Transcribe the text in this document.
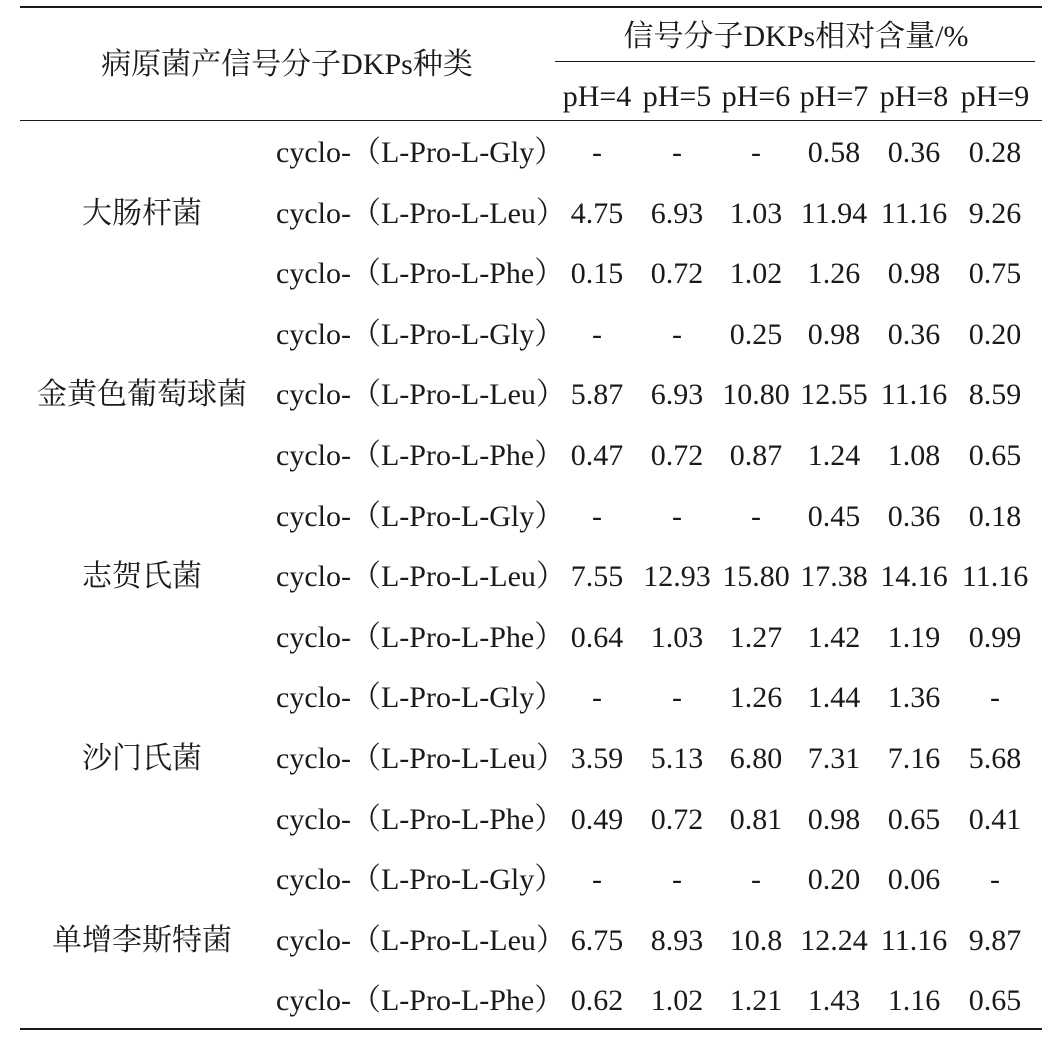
病原菌产信号分子DKPs种类
信号分子DKPs相对含量/%
pH=4 pH=5 pH=6 pH=7 pH=8 pH=9
cyclo-（L-Pro-L-Gly） - - - 0.58 0.36 0.28
cyclo-（L-Pro-L-Leu） 4.75 6.93 1.03 11.94 11.16 9.26
cyclo-（L-Pro-L-Phe） 0.15 0.72 1.02 1.26 0.98 0.75
大肠杆菌
cyclo-（L-Pro-L-Gly） - - 0.25 0.98 0.36 0.20
cyclo-（L-Pro-L-Leu） 5.87 6.93 10.80 12.55 11.16 8.59
cyclo-（L-Pro-L-Phe） 0.47 0.72 0.87 1.24 1.08 0.65
金黄色葡萄球菌
cyclo-（L-Pro-L-Gly） - - - 0.45 0.36 0.18
cyclo-（L-Pro-L-Leu） 7.55 12.93 15.80 17.38 14.16 11.16
cyclo-（L-Pro-L-Phe） 0.64 1.03 1.27 1.42 1.19 0.99
志贺氏菌
cyclo-（L-Pro-L-Gly） - - 1.26 1.44 1.36 -
cyclo-（L-Pro-L-Leu） 3.59 5.13 6.80 7.31 7.16 5.68
cyclo-（L-Pro-L-Phe） 0.49 0.72 0.81 0.98 0.65 0.41
沙门氏菌
cyclo-（L-Pro-L-Gly） - - - 0.20 0.06 -
cyclo-（L-Pro-L-Leu） 6.75 8.93 10.8 12.24 11.16 9.87
cyclo-（L-Pro-L-Phe） 0.62 1.02 1.21 1.43 1.16 0.65
单增李斯特菌
